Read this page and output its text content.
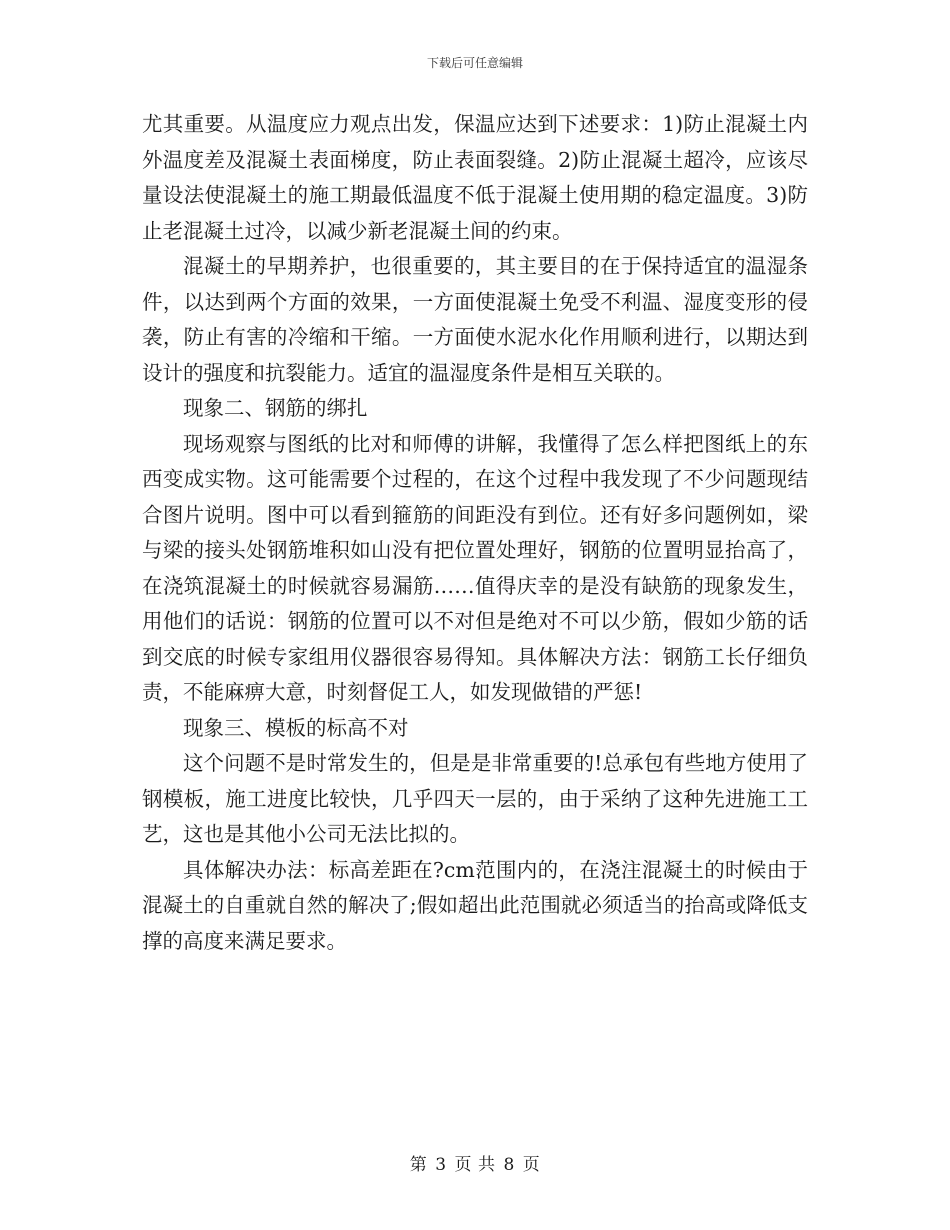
下载后可任意编辑

尤其重要。从温度应力观点出发，保温应达到下述要求：1)防止混凝土内外温度差及混凝土表面梯度，防止表面裂缝。2)防止混凝土超冷，应该尽量设法使混凝土的施工期最低温度不低于混凝土使用期的稳定温度。3)防止老混凝土过冷，以减少新老混凝土间的约束。

混凝土的早期养护，也很重要的，其主要目的在于保持适宜的温湿条件，以达到两个方面的效果，一方面使混凝土免受不利温、湿度变形的侵袭，防止有害的冷缩和干缩。一方面使水泥水化作用顺利进行，以期达到设计的强度和抗裂能力。适宜的温湿度条件是相互关联的。

现象二、钢筋的绑扎

现场观察与图纸的比对和师傅的讲解，我懂得了怎么样把图纸上的东西变成实物。这可能需要个过程的，在这个过程中我发现了不少问题现结合图片说明。图中可以看到箍筋的间距没有到位。还有好多问题例如，梁与梁的接头处钢筋堆积如山没有把位置处理好，钢筋的位置明显抬高了，在浇筑混凝土的时候就容易漏筋……值得庆幸的是没有缺筋的现象发生，用他们的话说：钢筋的位置可以不对但是绝对不可以少筋，假如少筋的话到交底的时候专家组用仪器很容易得知。具体解决方法：钢筋工长仔细负责，不能麻痹大意，时刻督促工人，如发现做错的严惩!

现象三、模板的标高不对

这个问题不是时常发生的，但是是非常重要的!总承包有些地方使用了钢模板，施工进度比较快，几乎四天一层的，由于采纳了这种先进施工工艺，这也是其他小公司无法比拟的。

具体解决办法：标高差距在?cm范围内的，在浇注混凝土的时候由于混凝土的自重就自然的解决了;假如超出此范围就必须适当的抬高或降低支撑的高度来满足要求。

第 3 页 共 8 页
